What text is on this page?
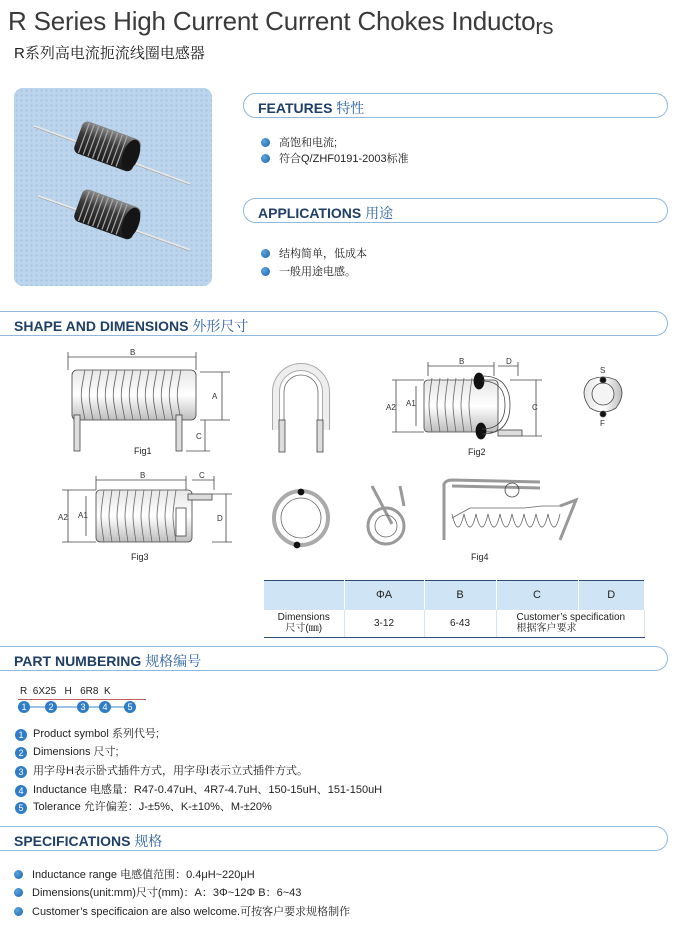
R Series High Current Current Chokes Inductors
R系列高电流扼流线圈电感器
FEATURES 特性
高饱和电流;
符合Q/ZHF0191-2003标准
APPLICATIONS 用途
结构简单，低成本
一般用途电感。
SHAPE AND DIMENSIONS 外形尺寸
B
A
C
B	D
A2 A1	C
S
F
B	C
A2 A1	D
Fig1	Fig2
Fig3	Fig4
	ΦA	B	C	D
Dimensions
尺寸(㎜)	3-12	6-43	Customer’s specification
根据客户要求	
PART NUMBERING 规格编号
R 6X25 H 6R8 K
1	2	3	4	5
1 Product symbol 系列代号;
2 Dimensions 尺寸;
3 用字母H表示卧式插件方式，用字母I表示立式插件方式。
4 Inductance 电感量：R47-0.47uH、4R7-4.7uH、150-15uH、151-150uH
5 Tolerance 允许偏差：J-±5%、K-±10%、M-±20%
SPECIFICATIONS 规格
Inductance range 电感值范围：0.4μH~220μH
Dimensions(unit:mm)尺寸(mm)：A：3Φ~12Φ B：6~43
Customer’s specificaion are also welcome.可按客户要求规格制作
